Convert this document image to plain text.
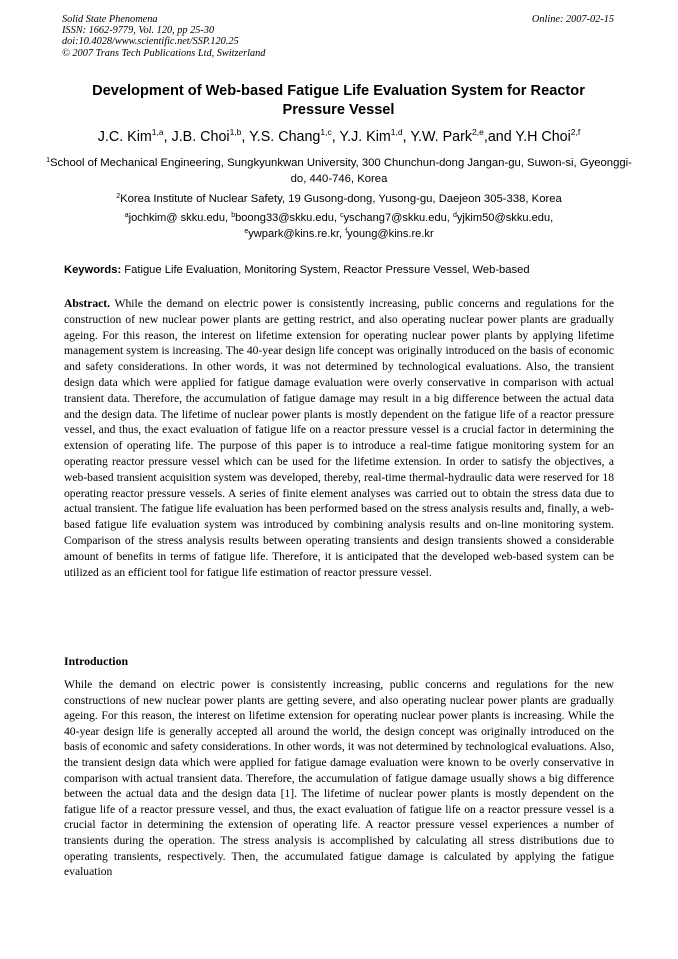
Solid State Phenomena
ISSN: 1662-9779, Vol. 120, pp 25-30
doi:10.4028/www.scientific.net/SSP.120.25
© 2007 Trans Tech Publications Ltd, Switzerland
Online: 2007-02-15
Development of Web-based Fatigue Life Evaluation System for Reactor Pressure Vessel
J.C. Kim$^{1,a}$, J.B. Choi$^{1,b}$, Y.S. Chang$^{1,c}$, Y.J. Kim$^{1,d}$, Y.W. Park$^{2,e}$,and Y.H Choi$^{2,f}$
$^1$School of Mechanical Engineering, Sungkyunkwan University, 300 Chunchun-dong Jangan-gu, Suwon-si, Gyeonggi-do, 440-746, Korea
$^2$Korea Institute of Nuclear Safety, 19 Gusong-dong, Yusong-gu, Daejeon 305-338, Korea
$^a$jochkim@ skku.edu, $^b$boong33@skku.edu, $^c$yschang7@skku.edu, $^d$yjkim50@skku.edu,
$^e$ywpark@kins.re.kr, $^f$young@kins.re.kr
Keywords: Fatigue Life Evaluation, Monitoring System, Reactor Pressure Vessel, Web-based
Abstract. While the demand on electric power is consistently increasing, public concerns and regulations for the construction of new nuclear power plants are getting restrict, and also operating nuclear power plants are gradually ageing. For this reason, the interest on lifetime extension for operating nuclear power plants by applying lifetime management system is increasing. The 40-year design life concept was originally introduced on the basis of economic and safety considerations. In other words, it was not determined by technological evaluations. Also, the transient design data which were applied for fatigue damage evaluation were overly conservative in comparison with actual transient data. Therefore, the accumulation of fatigue damage may result in a big difference between the actual data and the design data. The lifetime of nuclear power plants is mostly dependent on the fatigue life of a reactor pressure vessel, and thus, the exact evaluation of fatigue life on a reactor pressure vessel is a crucial factor in determining the extension of operating life. The purpose of this paper is to introduce a real-time fatigue monitoring system for an operating reactor pressure vessel which can be used for the lifetime extension. In order to satisfy the objectives, a web-based transient acquisition system was developed, thereby, real-time thermal-hydraulic data were reserved for 18 operating reactor pressure vessels. A series of finite element analyses was carried out to obtain the stress data due to actual transient. The fatigue life evaluation has been performed based on the stress analysis results and, finally, a web-based fatigue life evaluation system was introduced by combining analysis results and on-line monitoring system. Comparison of the stress analysis results between operating transients and design transients showed a considerable amount of benefits in terms of fatigue life. Therefore, it is anticipated that the developed web-based system can be utilized as an efficient tool for fatigue life estimation of reactor pressure vessel.
Introduction
While the demand on electric power is consistently increasing, public concerns and regulations for the new constructions of new nuclear power plants are getting severe, and also operating nuclear power plants are gradually ageing. For this reason, the interest on lifetime extension for operating nuclear power plants is increasing. While the 40-year design life is generally accepted all around the world, the design concept was originally introduced on the basis of economic and safety considerations. In other words, it was not determined by technological evaluations. Also, the transient design data which were applied for fatigue damage evaluation were known to be overly conservative in comparison with actual transient data. Therefore, the accumulation of fatigue damage usually shows a big difference between the actual data and the design data [1]. The lifetime of nuclear power plants is mostly dependent on the fatigue life of a reactor pressure vessel, and thus, the exact evaluation of fatigue life on a reactor pressure vessel is a crucial factor in determining the extension of operating life. A reactor pressure vessel experiences a number of transients during the operation. The stress analysis is accomplished by calculating all stress distributions due to operating transients, respectively. Then, the accumulated fatigue damage is calculated by applying the fatigue evaluation
